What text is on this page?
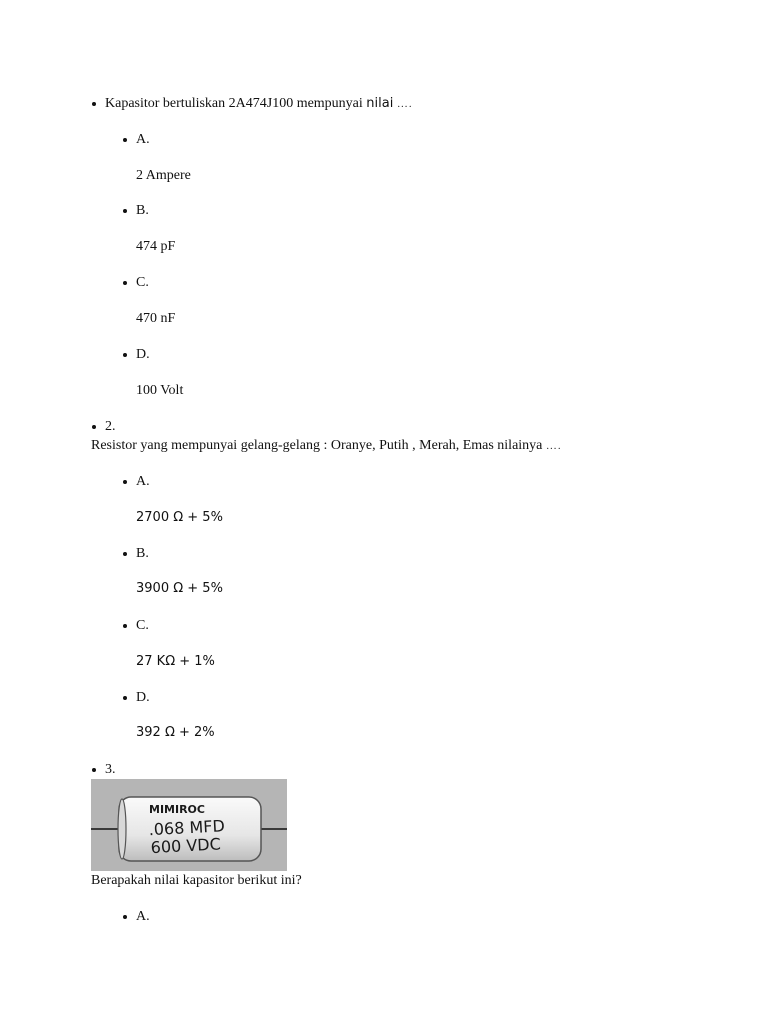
Kapasitor bertuliskan 2A474J100 mempunyai nilai ….
A.
2 Ampere
B.
474 pF
C.
470 nF
D.
100 Volt
2.
Resistor yang mempunyai gelang-gelang : Oranye, Putih , Merah, Emas nilainya ….
A.
2700 Ω + 5%
B.
3900 Ω + 5%
C.
27 KΩ + 1%
D.
392 Ω + 2%
3.
MIMIROC
.068 MFD
600 VDC
Berapakah nilai kapasitor berikut ini?
A.
